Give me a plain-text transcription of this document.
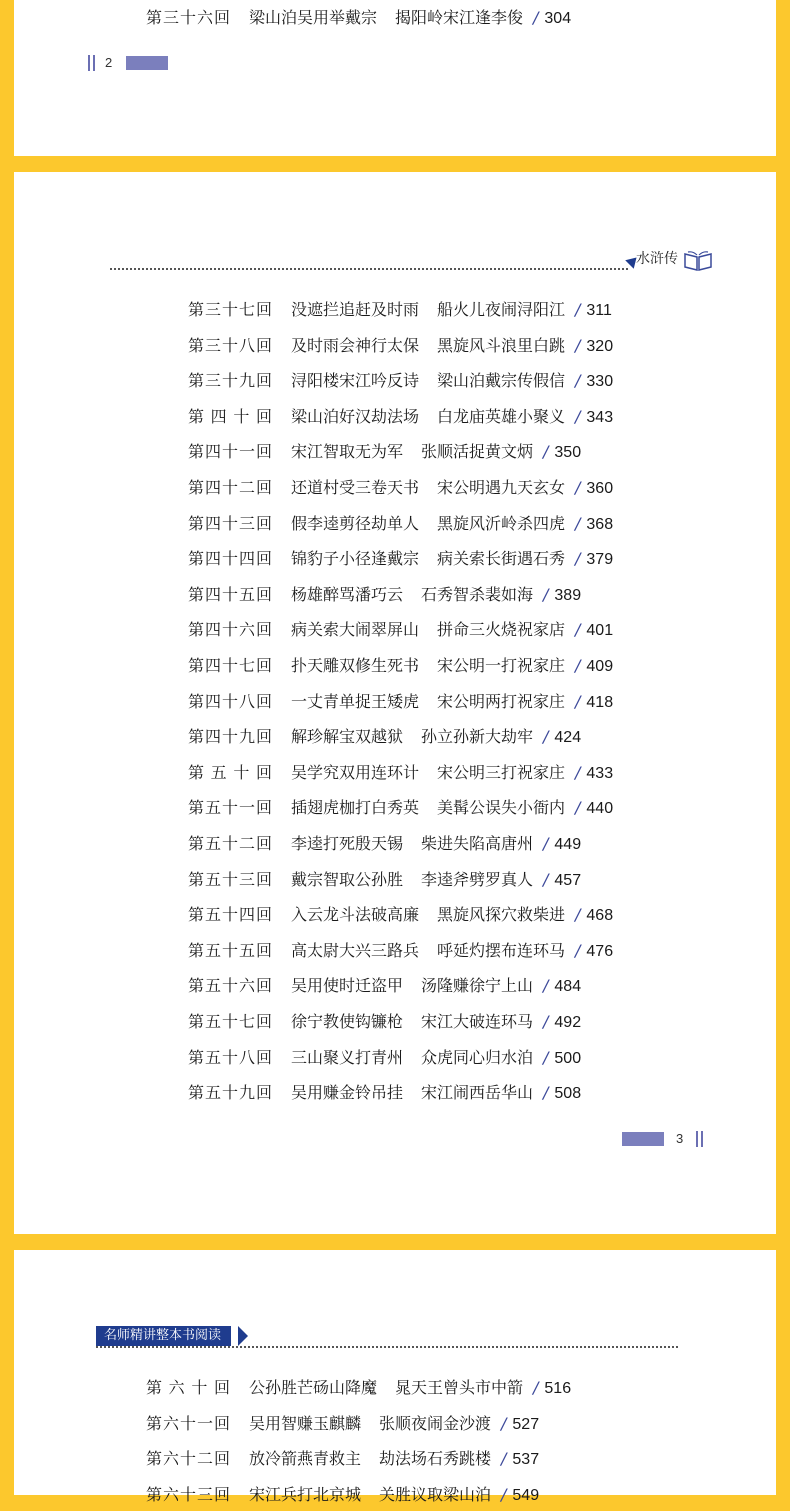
第三十六回 梁山泊吴用举戴宗 揭阳岭宋江逢李俊 / 304
2
水浒传
第三十七回 没遮拦追赶及时雨 船火儿夜闹浔阳江 / 311
第三十八回 及时雨会神行太保 黑旋风斗浪里白跳 / 320
第三十九回 浔阳楼宋江吟反诗 梁山泊戴宗传假信 / 330
第四十回 梁山泊好汉劫法场 白龙庙英雄小聚义 / 343
第四十一回 宋江智取无为军 张顺活捉黄文炳 / 350
第四十二回 还道村受三卷天书 宋公明遇九天玄女 / 360
第四十三回 假李逵剪径劫单人 黑旋风沂岭杀四虎 / 368
第四十四回 锦豹子小径逢戴宗 病关索长街遇石秀 / 379
第四十五回 杨雄醉骂潘巧云 石秀智杀裴如海 / 389
第四十六回 病关索大闹翠屏山 拼命三火烧祝家店 / 401
第四十七回 扑天雕双修生死书 宋公明一打祝家庄 / 409
第四十八回 一丈青单捉王矮虎 宋公明两打祝家庄 / 418
第四十九回 解珍解宝双越狱 孙立孙新大劫牢 / 424
第五十回 吴学究双用连环计 宋公明三打祝家庄 / 433
第五十一回 插翅虎枷打白秀英 美髯公误失小衙内 / 440
第五十二回 李逵打死殷天锡 柴进失陷高唐州 / 449
第五十三回 戴宗智取公孙胜 李逵斧劈罗真人 / 457
第五十四回 入云龙斗法破高廉 黑旋风探穴救柴进 / 468
第五十五回 高太尉大兴三路兵 呼延灼摆布连环马 / 476
第五十六回 吴用使时迁盗甲 汤隆赚徐宁上山 / 484
第五十七回 徐宁教使钩镰枪 宋江大破连环马 / 492
第五十八回 三山聚义打青州 众虎同心归水泊 / 500
第五十九回 吴用赚金铃吊挂 宋江闹西岳华山 / 508
3
名师精讲整本书阅读
第六十回 公孙胜芒砀山降魔 晁天王曾头市中箭 / 516
第六十一回 吴用智赚玉麒麟 张顺夜闹金沙渡 / 527
第六十二回 放冷箭燕青救主 劫法场石秀跳楼 / 537
第六十三回 宋江兵打北京城 关胜议取梁山泊 / 549
